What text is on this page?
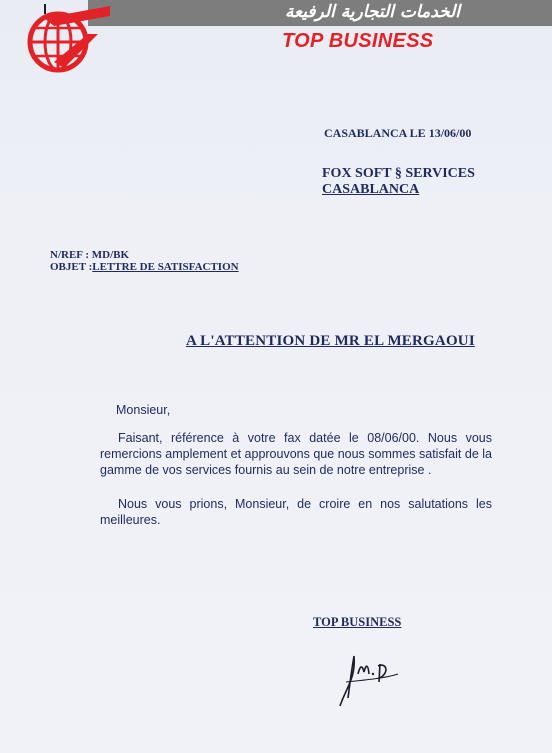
الخدمات التجارية الرفيعة
TOP BUSINESS
CASABLANCA LE 13/06/00
FOX SOFT § SERVICES
CASABLANCA
N/REF : MD/BK
OBJET :LETTRE DE SATISFACTION
A L'ATTENTION DE MR EL MERGAOUI
Monsieur,
Faisant, référence à votre fax datée le 08/06/00. Nous vous remercions amplement et approuvons que nous sommes satisfait de la gamme de vos services fournis au sein de notre entreprise .
Nous vous prions, Monsieur, de croire en nos salutations les meilleures.
TOP BUSINESS
